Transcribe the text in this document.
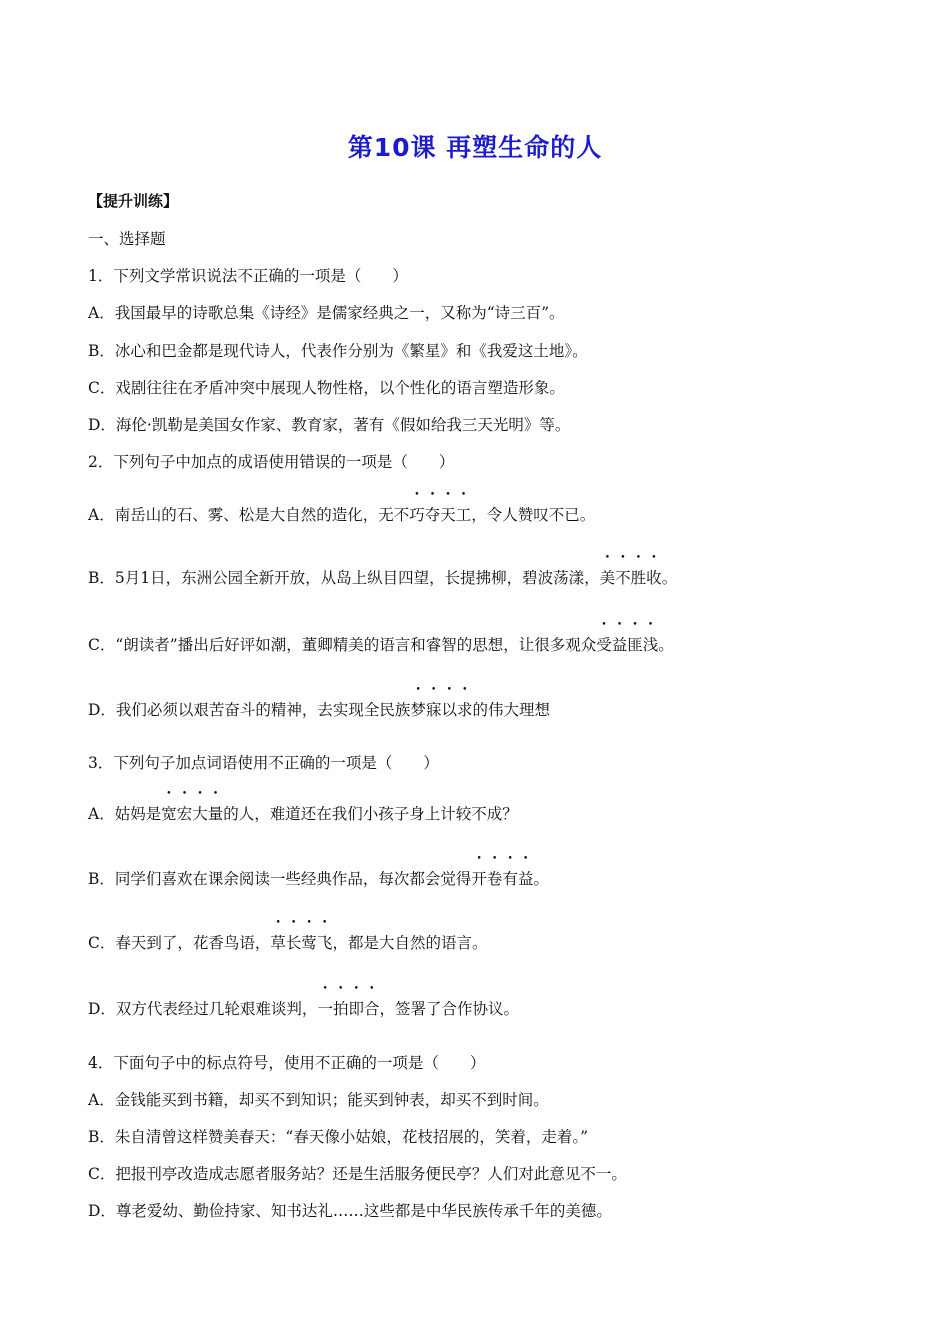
第10课 再塑生命的人
【提升训练】
一、选择题
1．下列文学常识说法不正确的一项是（　　）
A．我国最早的诗歌总集《诗经》是儒家经典之一，又称为“诗三百”。
B．冰心和巴金都是现代诗人，代表作分别为《繁星》和《我爱这土地》。
C．戏剧往往在矛盾冲突中展现人物性格，以个性化的语言塑造形象。
D．海伦·凯勒是美国女作家、教育家，著有《假如给我三天光明》等。
2．下列句子中加点的成语使用错误的一项是（　　）
A．南岳山的石、雾、松是大自然的造化，无不巧夺天工，令人赞叹不已。
B．5月1日，东洲公园全新开放，从岛上纵目四望，长提拂柳，碧波荡漾，美不胜收。
C．“朗读者”播出后好评如潮，董卿精美的语言和睿智的思想，让很多观众受益匪浅。
D．我们必须以艰苦奋斗的精神，去实现全民族梦寐以求的伟大理想
3．下列句子加点词语使用不正确的一项是（　　）
A．姑妈是宽宏大量的人，难道还在我们小孩子身上计较不成？
B．同学们喜欢在课余阅读一些经典作品，每次都会觉得开卷有益。
C．春天到了，花香鸟语，草长莺飞，都是大自然的语言。
D．双方代表经过几轮艰难谈判，一拍即合，签署了合作协议。
4．下面句子中的标点符号，使用不正确的一项是（　　）
A．金钱能买到书籍，却买不到知识；能买到钟表，却买不到时间。
B．朱自清曾这样赞美春天：“春天像小姑娘，花枝招展的，笑着，走着。”
C．把报刊亭改造成志愿者服务站？还是生活服务便民亭？人们对此意见不一。
D．尊老爱幼、勤俭持家、知书达礼……这些都是中华民族传承千年的美德。
